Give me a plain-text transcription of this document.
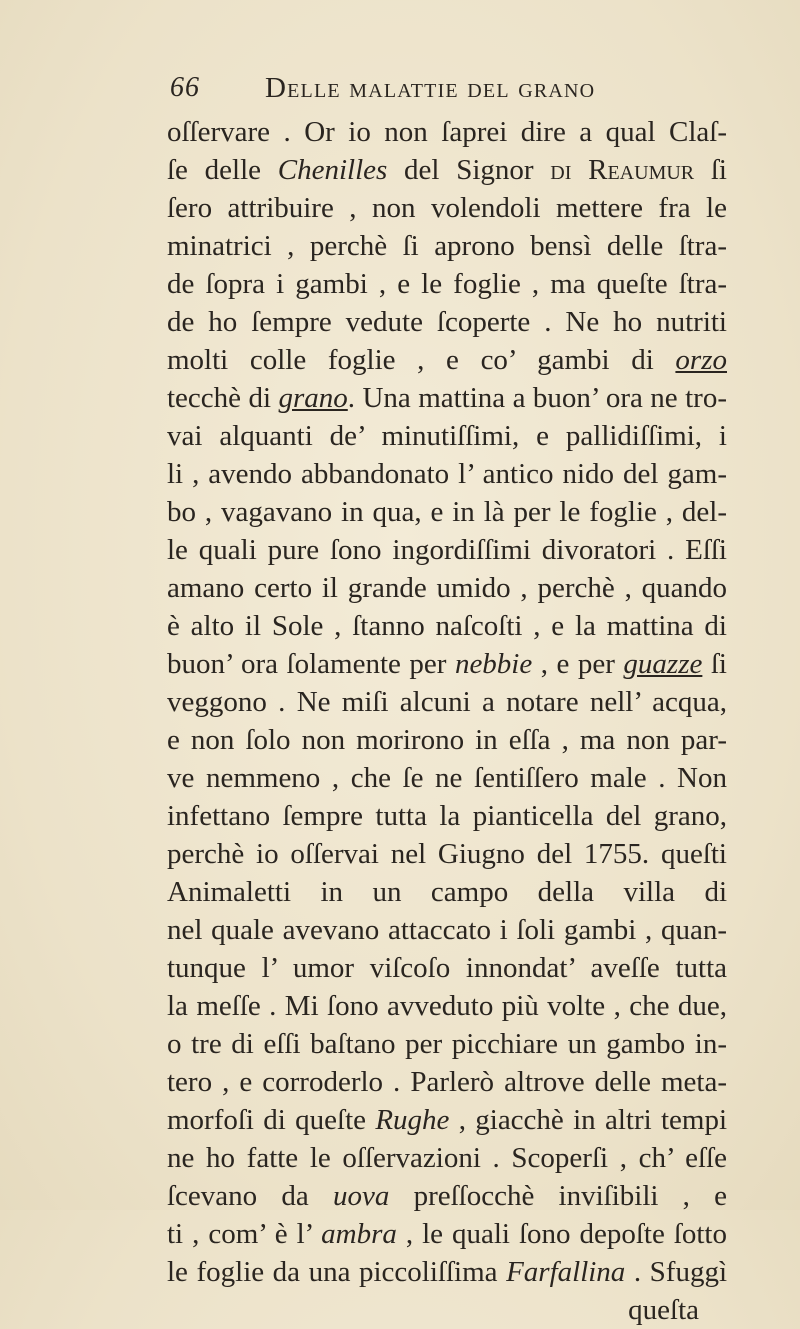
66 Delle malattie del grano
oſſervare . Or io non ſaprei dire a qual Claſ-
ſe delle Chenilles del Signor di Reaumur ſi
ſero attribuire , non volendoli mettere fra le
minatrici , perchè ſi aprono bensì delle ſtra-
de ſopra i gambi , e le foglie , ma queſte ſtra-
de ho ſempre vedute ſcoperte . Ne ho nutriti
molti colle foglie , e co’ gambi di orzo
tecchè di grano. Una mattina a buon’ ora ne tro-
vai alquanti de’ minutiſſimi, e pallidiſſimi, i
li , avendo abbandonato l’ antico nido del gam-
bo , vagavano in qua, e in là per le foglie , del-
le quali pure ſono ingordiſſimi divoratori . Eſſi
amano certo il grande umido , perchè , quando
è alto il Sole , ſtanno naſcoſti , e la mattina di
buon’ ora ſolamente per nebbie , e per guazze ſi
veggono . Ne miſi alcuni a notare nell’ acqua,
e non ſolo non morirono in eſſa , ma non par-
ve nemmeno , che ſe ne ſentiſſero male . Non
infettano ſempre tutta la pianticella del grano,
perchè io oſſervai nel Giugno del 1755. queſti
Animaletti in un campo della villa di
nel quale avevano attaccato i ſoli gambi , quan-
tunque l’ umor viſcoſo innondat’ aveſſe tutta
la meſſe . Mi ſono avveduto più volte , che due,
o tre di eſſi baſtano per picchiare un gambo in-
tero , e corroderlo . Parlerò altrove delle meta-
morfoſi di queſte Rughe , giacchè in altri tempi
ne ho fatte le oſſervazioni . Scoperſi , ch’ eſſe
ſcevano da uova preſſocchè inviſibili , e
ti , com’ è l’ ambra , le quali ſono depoſte ſotto
le foglie da una piccoliſſima Farfallina . Sfuggì
queſta
